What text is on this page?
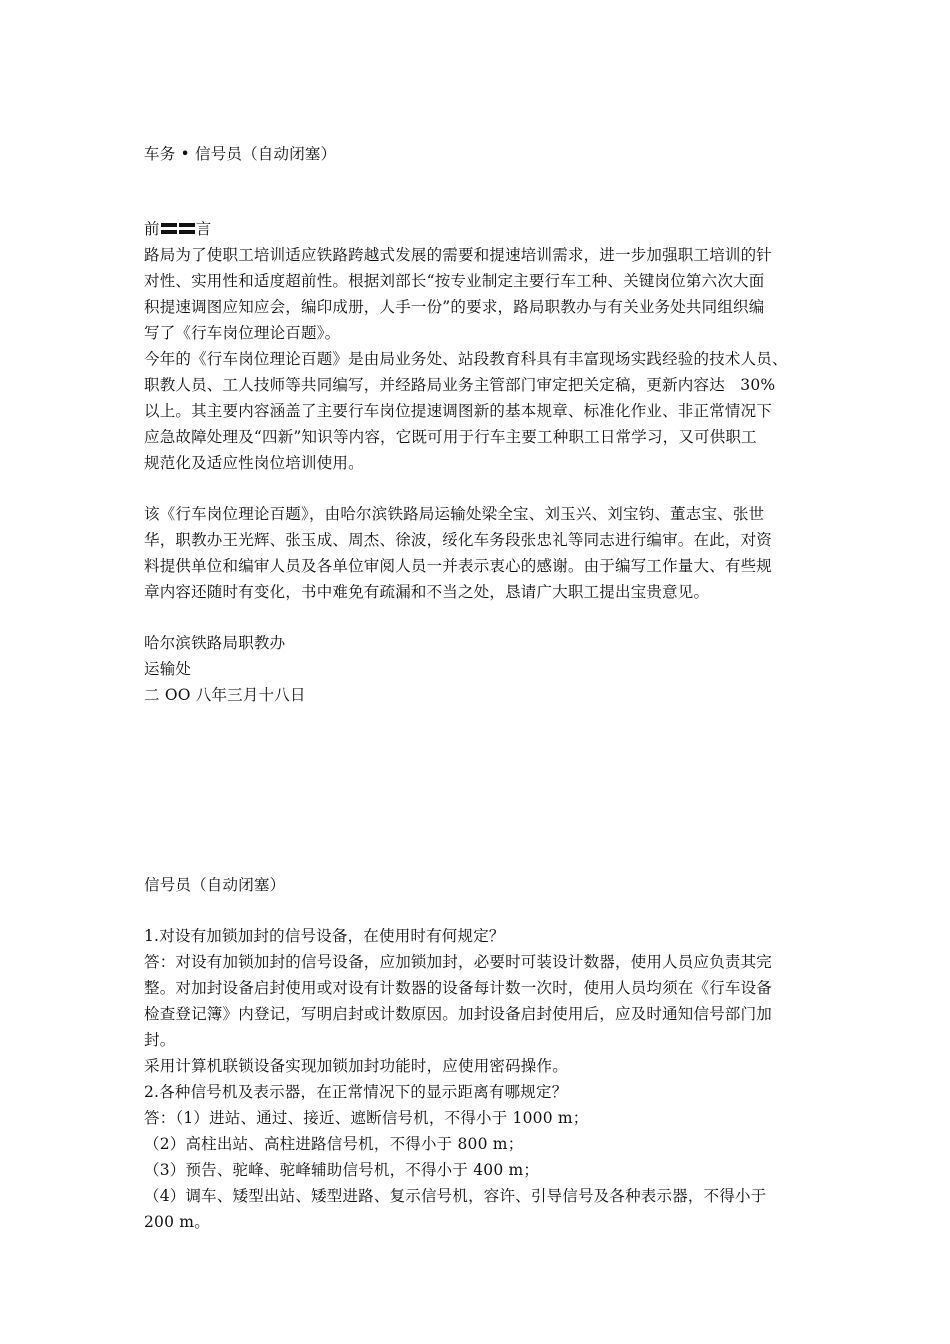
车务 • 信号员（自动闭塞）
前 言
路局为了使职工培训适应铁路跨越式发展的需要和提速培训需求，进一步加强职工培训的针
对性、实用性和适度超前性。根据刘部长“按专业制定主要行车工种、关键岗位第六次大面
积提速调图应知应会，编印成册，人手一份”的要求，路局职教办与有关业务处共同组织编
写了《行车岗位理论百题》。
今年的《行车岗位理论百题》是由局业务处、站段教育科具有丰富现场实践经验的技术人员、
职教人员、工人技师等共同编写，并经路局业务主管部门审定把关定稿，更新内容达   30%
以上。其主要内容涵盖了主要行车岗位提速调图新的基本规章、标准化作业、非正常情况下
应急故障处理及“四新”知识等内容，它既可用于行车主要工种职工日常学习，又可供职工
规范化及适应性岗位培训使用。
该《行车岗位理论百题》，由哈尔滨铁路局运输处梁全宝、刘玉兴、刘宝钧、董志宝、张世
华，职教办王光辉、张玉成、周杰、徐波，绥化车务段张忠礼等同志进行编审。在此，对资
料提供单位和编审人员及各单位审阅人员一并表示衷心的感谢。由于编写工作量大、有些规
章内容还随时有变化，书中难免有疏漏和不当之处，恳请广大职工提出宝贵意见。
哈尔滨铁路局职教办
运输处
二 OO 八年三月十八日
信号员（自动闭塞）
1.对设有加锁加封的信号设备，在使用时有何规定？
答：对设有加锁加封的信号设备，应加锁加封，必要时可装设计数器，使用人员应负责其完
整。对加封设备启封使用或对设有计数器的设备每计数一次时，使用人员均须在《行车设备
检查登记簿》内登记，写明启封或计数原因。加封设备启封使用后，应及时通知信号部门加
封。
采用计算机联锁设备实现加锁加封功能时，应使用密码操作。
2.各种信号机及表示器，在正常情况下的显示距离有哪规定？
答：（1）进站、通过、接近、遮断信号机，不得小于 1000 m；
（2）高柱出站、高柱进路信号机，不得小于 800 m；
（3）预告、驼峰、驼峰辅助信号机，不得小于 400 m；
（4）调车、矮型出站、矮型进路、复示信号机，容许、引导信号及各种表示器，不得小于
200 m。
